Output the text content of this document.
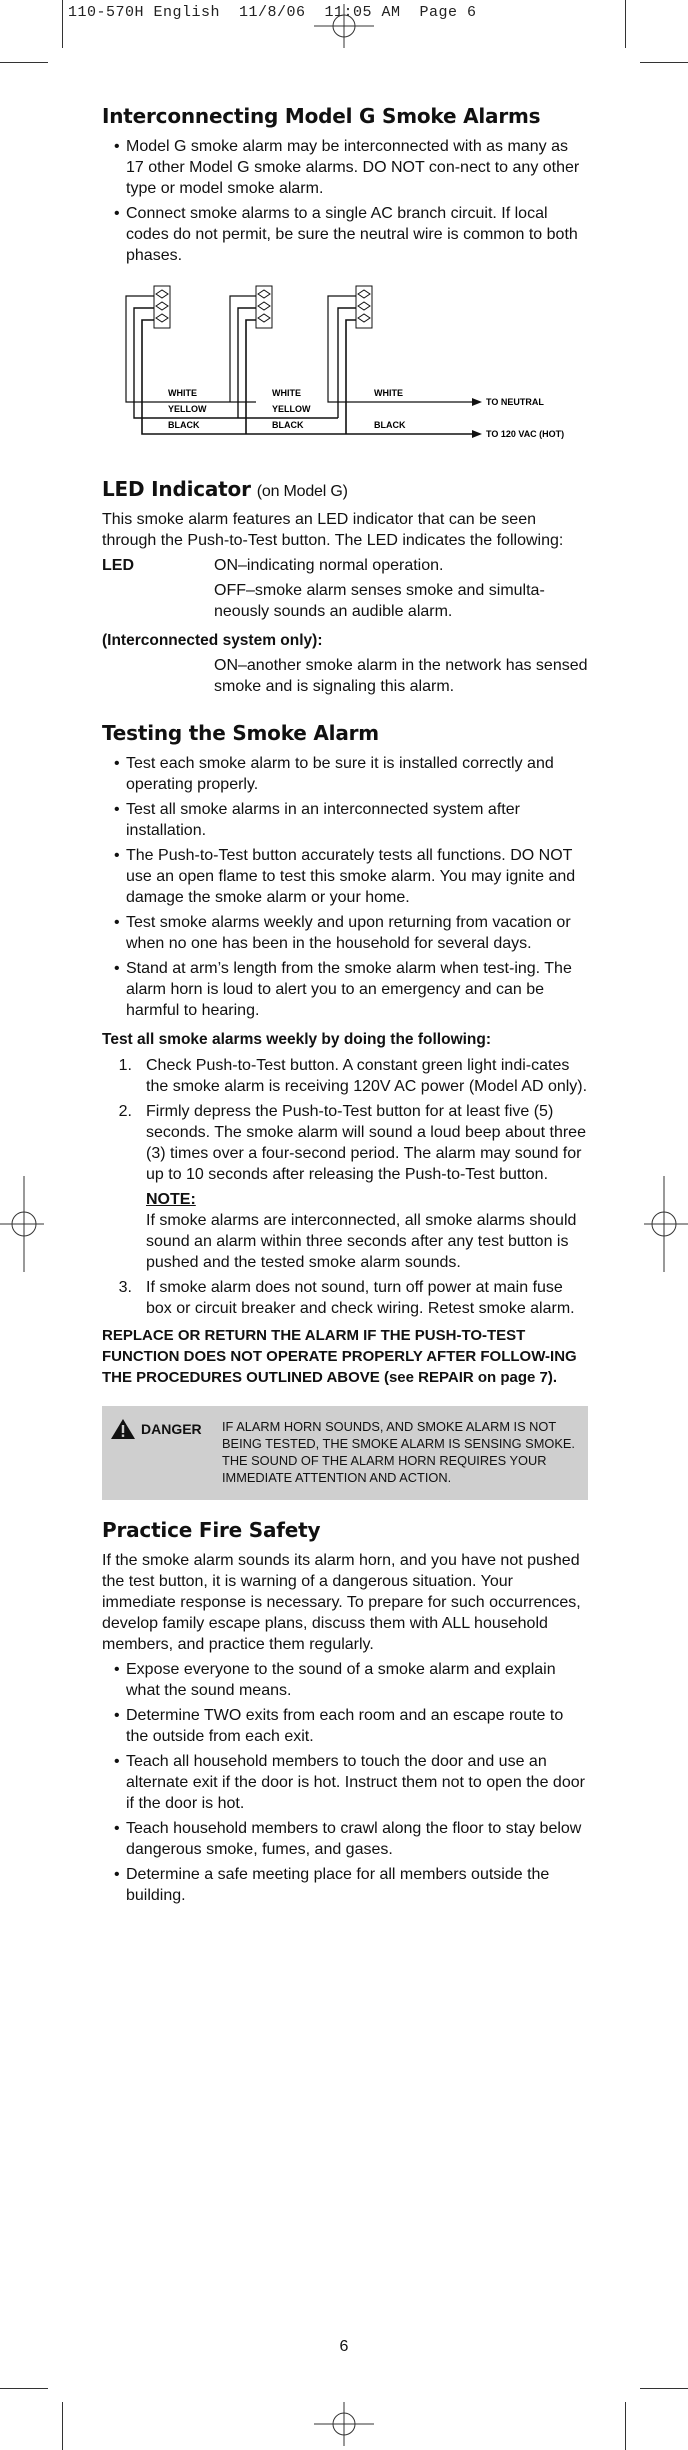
110-570H English  11/8/06  11:05 AM  Page 6
Interconnecting Model G Smoke Alarms
• Model G smoke alarm may be interconnected with as many as 17 other Model G smoke alarms. DO NOT con-nect to any other type or model smoke alarm.
• Connect smoke alarms to a single AC branch circuit. If local codes do not permit, be sure the neutral wire is common to both phases.
WHITE
YELLOW
BLACK
WHITE
YELLOW
BLACK
WHITE
BLACK
TO NEUTRAL
TO 120 VAC (HOT)
LED Indicator (on Model G)

This smoke alarm features an LED indicator that can be seen through the Push-to-Test button. The LED indicates the following:

LED	ON–indicating normal operation.
OFF–smoke alarm senses smoke and simulta-neously sounds an audible alarm.
(Interconnected system only):
ON–another smoke alarm in the network has sensed smoke and is signaling this alarm.
Testing the Smoke Alarm
• Test each smoke alarm to be sure it is installed correctly and operating properly.
• Test all smoke alarms in an interconnected system after installation.
• The Push-to-Test button accurately tests all functions. DO NOT use an open flame to test this smoke alarm. You may ignite and damage the smoke alarm or your home.
• Test smoke alarms weekly and upon returning from vacation or when no one has been in the household for several days.
• Stand at arm’s length from the smoke alarm when test-ing. The alarm horn is loud to alert you to an emergency and can be harmful to hearing.
Test all smoke alarms weekly by doing the following:
1. Check Push-to-Test button. A constant green light indi-cates the smoke alarm is receiving 120V AC power (Model AD only).
2. Firmly depress the Push-to-Test button for at least five (5) seconds. The smoke alarm will sound a loud beep about three (3) times over a four-second period. The alarm may sound for up to 10 seconds after releasing the Push-to-Test button.
NOTE:
If smoke alarms are interconnected, all smoke alarms should sound an alarm within three seconds after any test button is pushed and the tested smoke alarm sounds.
3. If smoke alarm does not sound, turn off power at main fuse box or circuit breaker and check wiring. Retest smoke alarm.
REPLACE OR RETURN THE ALARM IF THE PUSH-TO-TEST FUNCTION DOES NOT OPERATE PROPERLY AFTER FOLLOW-ING THE PROCEDURES OUTLINED ABOVE (see REPAIR on page 7).
DANGER IF ALARM HORN SOUNDS, AND SMOKE ALARM IS NOT BEING TESTED, THE SMOKE ALARM IS SENSING SMOKE. THE SOUND OF THE ALARM HORN REQUIRES YOUR IMMEDIATE ATTENTION AND ACTION.
Practice Fire Safety

If the smoke alarm sounds its alarm horn, and you have not pushed the test button, it is warning of a dangerous situation. Your immediate response is necessary. To prepare for such occurrences, develop family escape plans, discuss them with ALL household members, and practice them regularly.

• Expose everyone to the sound of a smoke alarm and explain what the sound means.
• Determine TWO exits from each room and an escape route to the outside from each exit.
• Teach all household members to touch the door and use an alternate exit if the door is hot. Instruct them not to open the door if the door is hot.
• Teach household members to crawl along the floor to stay below dangerous smoke, fumes, and gases.
• Determine a safe meeting place for all members outside the building.
6
